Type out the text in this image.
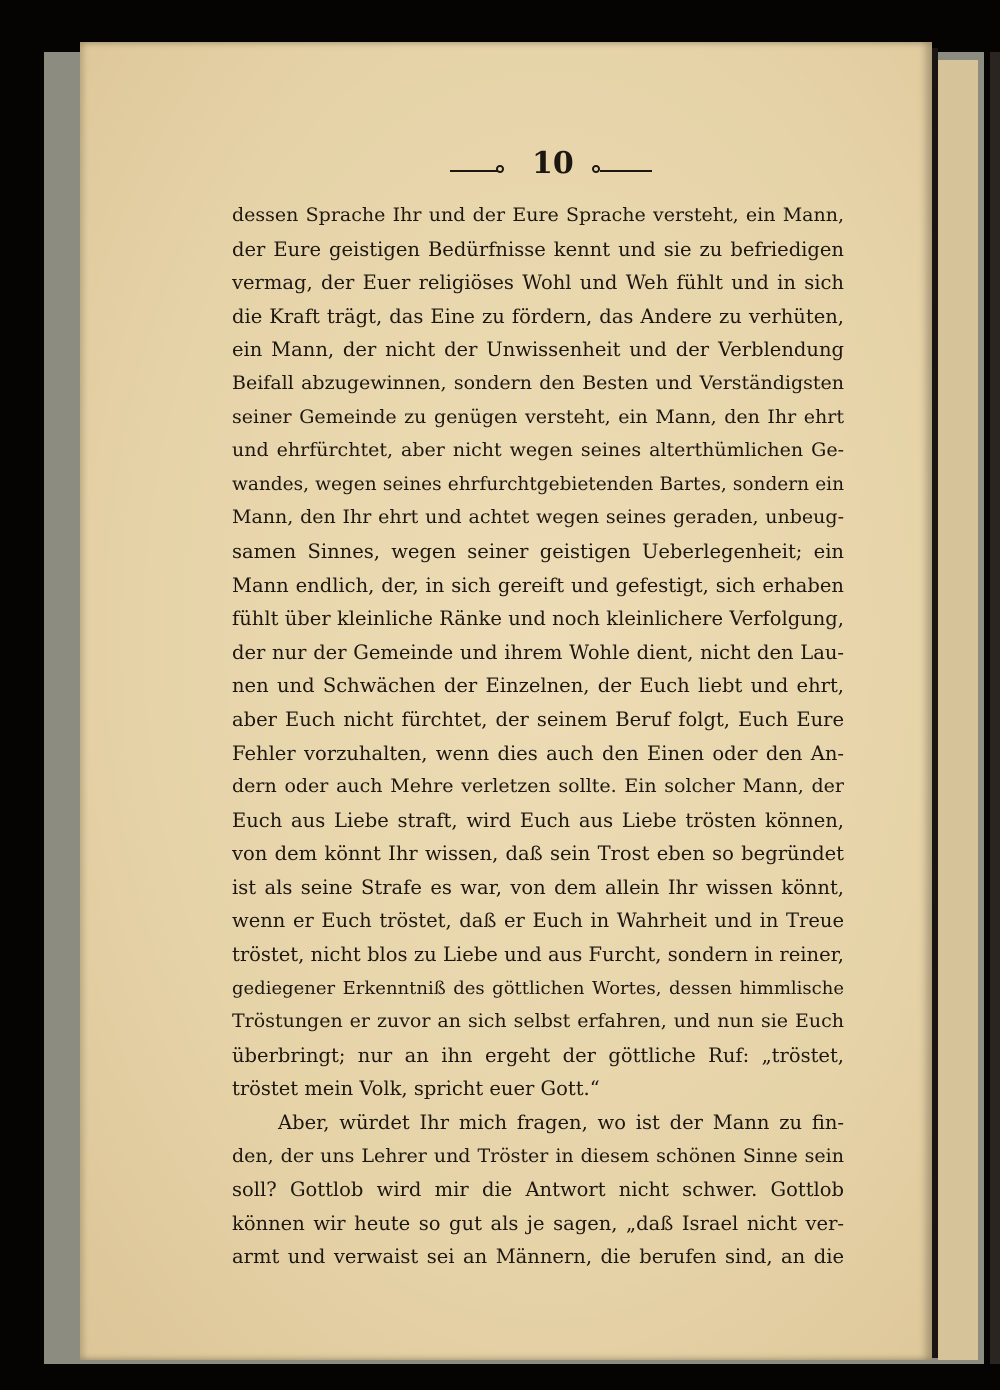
10
dessen Sprache Ihr und der Eure Sprache versteht, ein Mann,
der Eure geistigen Bedürfnisse kennt und sie zu befriedigen
vermag, der Euer religiöses Wohl und Weh fühlt und in sich
die Kraft trägt, das Eine zu fördern, das Andere zu verhüten,
ein Mann, der nicht der Unwissenheit und der Verblendung
Beifall abzugewinnen, sondern den Besten und Verständigsten
seiner Gemeinde zu genügen versteht, ein Mann, den Ihr ehrt
und ehrfürchtet, aber nicht wegen seines alterthümlichen Ge-
wandes, wegen seines ehrfurchtgebietenden Bartes, sondern ein
Mann, den Ihr ehrt und achtet wegen seines geraden, unbeug-
samen Sinnes, wegen seiner geistigen Ueberlegenheit; ein
Mann endlich, der, in sich gereift und gefestigt, sich erhaben
fühlt über kleinliche Ränke und noch kleinlichere Verfolgung,
der nur der Gemeinde und ihrem Wohle dient, nicht den Lau-
nen und Schwächen der Einzelnen, der Euch liebt und ehrt,
aber Euch nicht fürchtet, der seinem Beruf folgt, Euch Eure
Fehler vorzuhalten, wenn dies auch den Einen oder den An-
dern oder auch Mehre verletzen sollte. Ein solcher Mann, der
Euch aus Liebe straft, wird Euch aus Liebe trösten können,
von dem könnt Ihr wissen, daß sein Trost eben so begründet
ist als seine Strafe es war, von dem allein Ihr wissen könnt,
wenn er Euch tröstet, daß er Euch in Wahrheit und in Treue
tröstet, nicht blos zu Liebe und aus Furcht, sondern in reiner,
gediegener Erkenntniß des göttlichen Wortes, dessen himmlische
Tröstungen er zuvor an sich selbst erfahren, und nun sie Euch
überbringt; nur an ihn ergeht der göttliche Ruf: „tröstet,
tröstet mein Volk, spricht euer Gott.“
Aber, würdet Ihr mich fragen, wo ist der Mann zu fin-
den, der uns Lehrer und Tröster in diesem schönen Sinne sein
soll? Gottlob wird mir die Antwort nicht schwer. Gottlob
können wir heute so gut als je sagen, „daß Israel nicht ver-
armt und verwaist sei an Männern, die berufen sind, an die
